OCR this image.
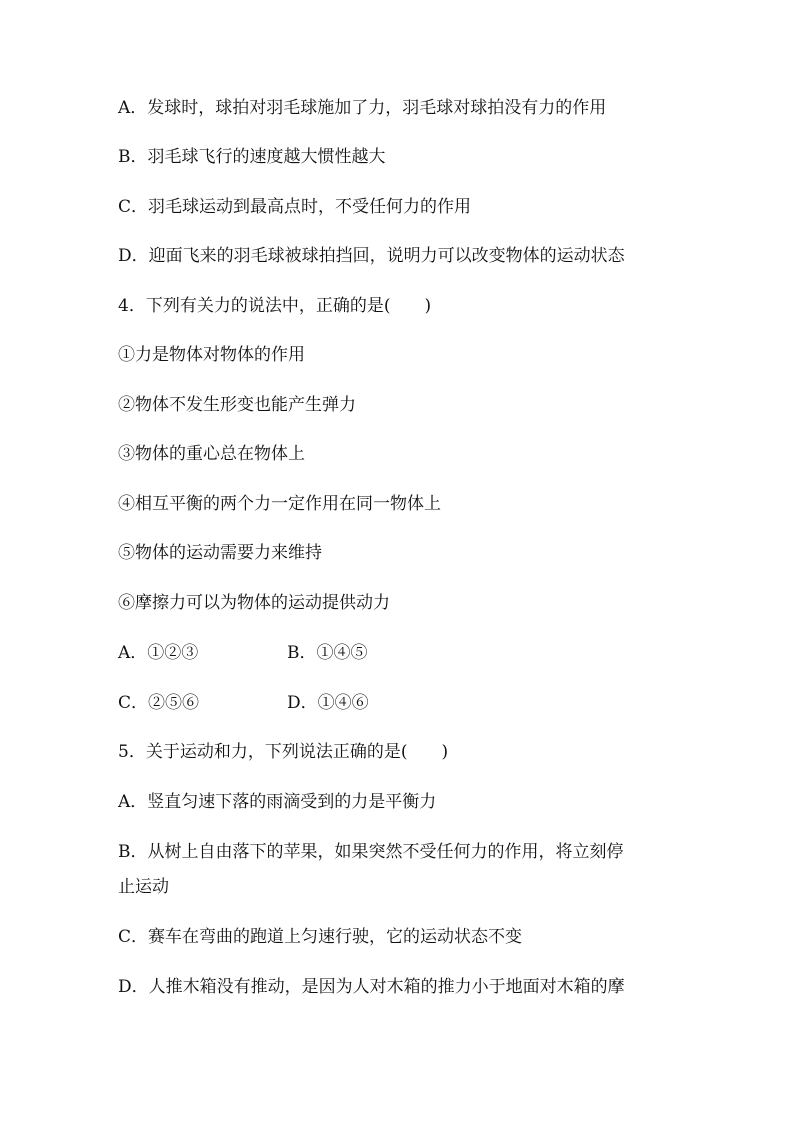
A．发球时，球拍对羽毛球施加了力，羽毛球对球拍没有力的作用
B．羽毛球飞行的速度越大惯性越大
C．羽毛球运动到最高点时，不受任何力的作用
D．迎面飞来的羽毛球被球拍挡回，说明力可以改变物体的运动状态
4．下列有关力的说法中，正确的是(　　)
①力是物体对物体的作用
②物体不发生形变也能产生弹力
③物体的重心总在物体上
④相互平衡的两个力一定作用在同一物体上
⑤物体的运动需要力来维持
⑥摩擦力可以为物体的运动提供动力
A．①②③	B．①④⑤
C．②⑤⑥	D．①④⑥
5．关于运动和力，下列说法正确的是(　　)
A．竖直匀速下落的雨滴受到的力是平衡力
B．从树上自由落下的苹果，如果突然不受任何力的作用，将立刻停
止运动
C．赛车在弯曲的跑道上匀速行驶，它的运动状态不变
D．人推木箱没有推动，是因为人对木箱的推力小于地面对木箱的摩
